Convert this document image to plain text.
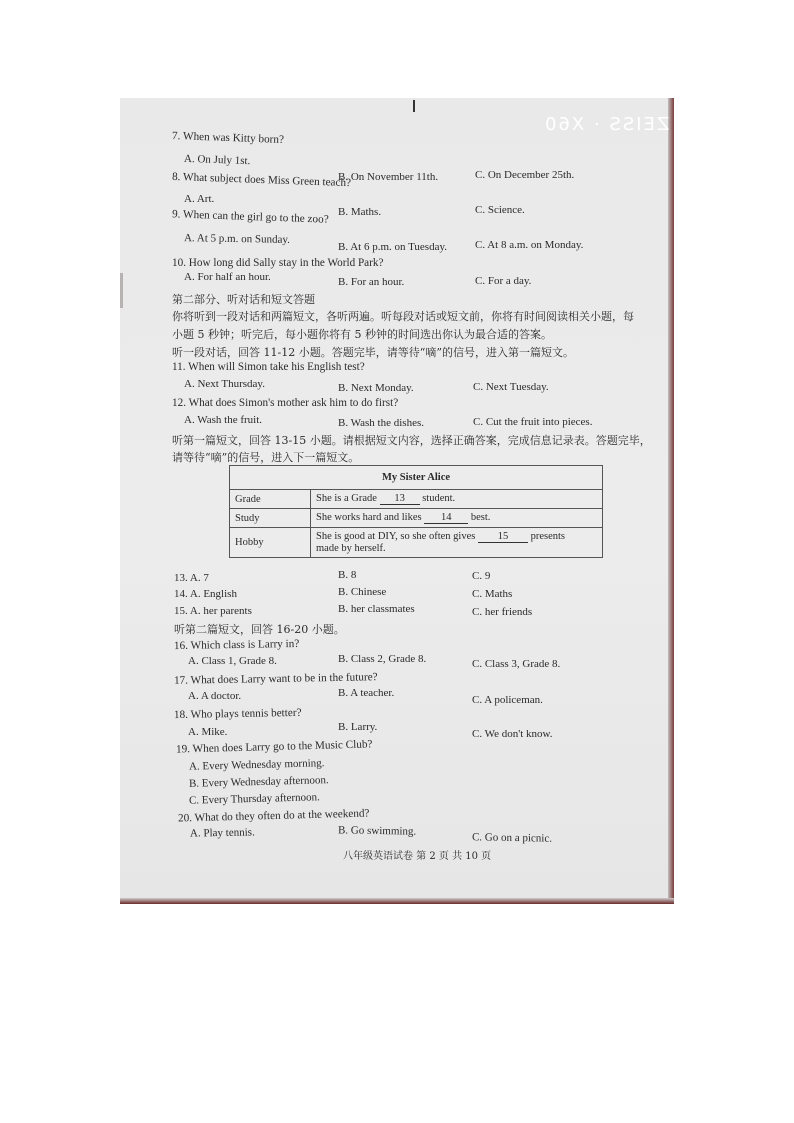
ZEISS · X60
7. When was Kitty born?
A. On July 1st.
B. On November 11th.	C. On December 25th.
8. What subject does Miss Green teach?
A. Art.
B. Maths.	C. Science.
9. When can the girl go to the zoo?
A. At 5 p.m. on Sunday.
B. At 6 p.m. on Tuesday.	C. At 8 a.m. on Monday.
10. How long did Sally stay in the World Park?
A. For half an hour.	B. For an hour.	C. For a day.
第二部分、听对话和短文答题
你将听到一段对话和两篇短文，各听两遍。听每段对话或短文前，你将有时间阅读相关小题，每
小题 5 秒钟；听完后，每小题你将有 5 秒钟的时间选出你认为最合适的答案。
听一段对话，回答 11-12 小题。答题完毕，请等待“嘀”的信号，进入第一篇短文。
11. When will Simon take his English test?
A. Next Thursday.	B. Next Monday.	C. Next Tuesday.
12. What does Simon's mother ask him to do first?
A. Wash the fruit.	B. Wash the dishes.	C. Cut the fruit into pieces.
听第一篇短文，回答 13-15 小题。请根据短文内容，选择正确答案，完成信息记录表。答题完毕，
请等待“嘀”的信号，进入下一篇短文。
My Sister Alice	
Grade	She is a Grade 13 student.
Study	She works hard and likes 14 best.
Hobby	She is good at DIY, so she often gives 15 presents
made by herself.
13. A. 7	B. 8	C. 9
14. A. English	B. Chinese	C. Maths
15. A. her parents	B. her classmates	C. her friends
听第二篇短文，回答 16-20 小题。
16. Which class is Larry in?
A. Class 1, Grade 8.	B. Class 2, Grade 8.	C. Class 3, Grade 8.
17. What does Larry want to be in the future?
A. A doctor.	B. A teacher.
C. A policeman.
18. Who plays tennis better?
A. Mike.	B. Larry.
C. We don't know.
19. When does Larry go to the Music Club?
A. Every Wednesday morning.
B. Every Wednesday afternoon.
C. Every Thursday afternoon.
20. What do they often do at the weekend?
A. Play tennis.	B. Go swimming.
C. Go on a picnic.
八年级英语试卷 第 2 页 共 10 页
